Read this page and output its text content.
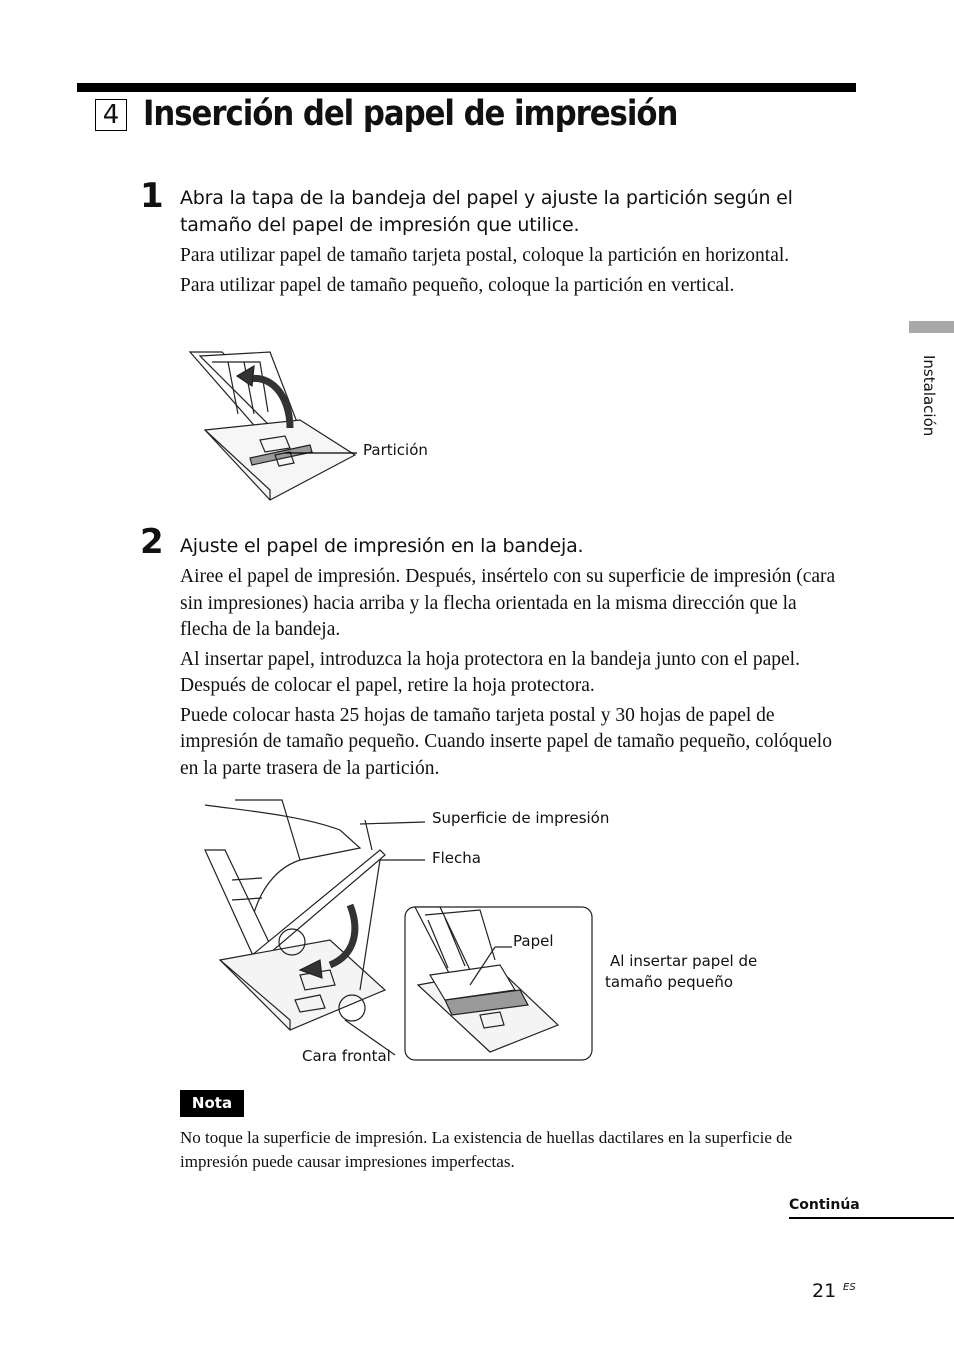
4 Inserción del papel de impresión
Instalación
1 Abra la tapa de la bandeja del papel y ajuste la partición según el tamaño del papel de impresión que utilice.

Para utilizar papel de tamaño tarjeta postal, coloque la partición en horizontal.

Para utilizar papel de tamaño pequeño, coloque la partición en vertical.

Partición
2 Ajuste el papel de impresión en la bandeja.

Airee el papel de impresión. Después, insértelo con su superficie de impresión (cara sin impresiones) hacia arriba y la flecha orientada en la misma dirección que la flecha de la bandeja.

Al insertar papel, introduzca la hoja protectora en la bandeja junto con el papel. Después de colocar el papel, retire la hoja protectora.

Puede colocar hasta 25 hojas de tamaño tarjeta postal y 30 hojas de papel de impresión de tamaño pequeño. Cuando inserte papel de tamaño pequeño, colóquelo en la parte trasera de la partición.

Superficie de impresión
Flecha
Papel
Al insertar papel de
tamaño pequeño
Cara frontal
Nota
No toque la superficie de impresión. La existencia de huellas dactilares en la superficie de impresión puede causar impresiones imperfectas.
Continúa
21 ES
